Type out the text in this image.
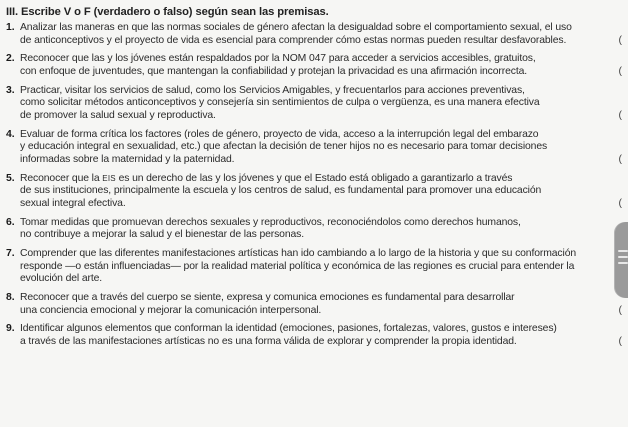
III. Escribe V o F (verdadero o falso) según sean las premisas.
1. Analizar las maneras en que las normas sociales de género afectan la desigualdad sobre el comportamiento sexual, el uso
de anticonceptivos y el proyecto de vida es esencial para comprender cómo estas normas pueden resultar desfavorables.	(
2. Reconocer que las y los jóvenes están respaldados por la NOM 047 para acceder a servicios accesibles, gratuitos,
con enfoque de juventudes, que mantengan la confiabilidad y protejan la privacidad es una afirmación incorrecta.	(
3. Practicar, visitar los servicios de salud, como los Servicios Amigables, y frecuentarlos para acciones preventivas,
como solicitar métodos anticonceptivos y consejería sin sentimientos de culpa o vergüenza, es una manera efectiva
de promover la salud sexual y reproductiva.	(
4. Evaluar de forma crítica los factores (roles de género, proyecto de vida, acceso a la interrupción legal del embarazo
y educación integral en sexualidad, etc.) que afectan la decisión de tener hijos no es necesario para tomar decisiones
informadas sobre la maternidad y la paternidad.	(
5. Reconocer que la EIS es un derecho de las y los jóvenes y que el Estado está obligado a garantizarlo a través
de sus instituciones, principalmente la escuela y los centros de salud, es fundamental para promover una educación
sexual integral efectiva.	(
6. Tomar medidas que promuevan derechos sexuales y reproductivos, reconociéndolos como derechos humanos,
no contribuye a mejorar la salud y el bienestar de las personas.
7. Comprender que las diferentes manifestaciones artísticas han ido cambiando a lo largo de la historia y que su conformación
responde —o están influenciadas— por la realidad material política y económica de las regiones es crucial para entender la
evolución del arte.
8. Reconocer que a través del cuerpo se siente, expresa y comunica emociones es fundamental para desarrollar
una conciencia emocional y mejorar la comunicación interpersonal.	(
9. Identificar algunos elementos que conforman la identidad (emociones, pasiones, fortalezas, valores, gustos e intereses)
a través de las manifestaciones artísticas no es una forma válida de explorar y comprender la propia identidad.	(
